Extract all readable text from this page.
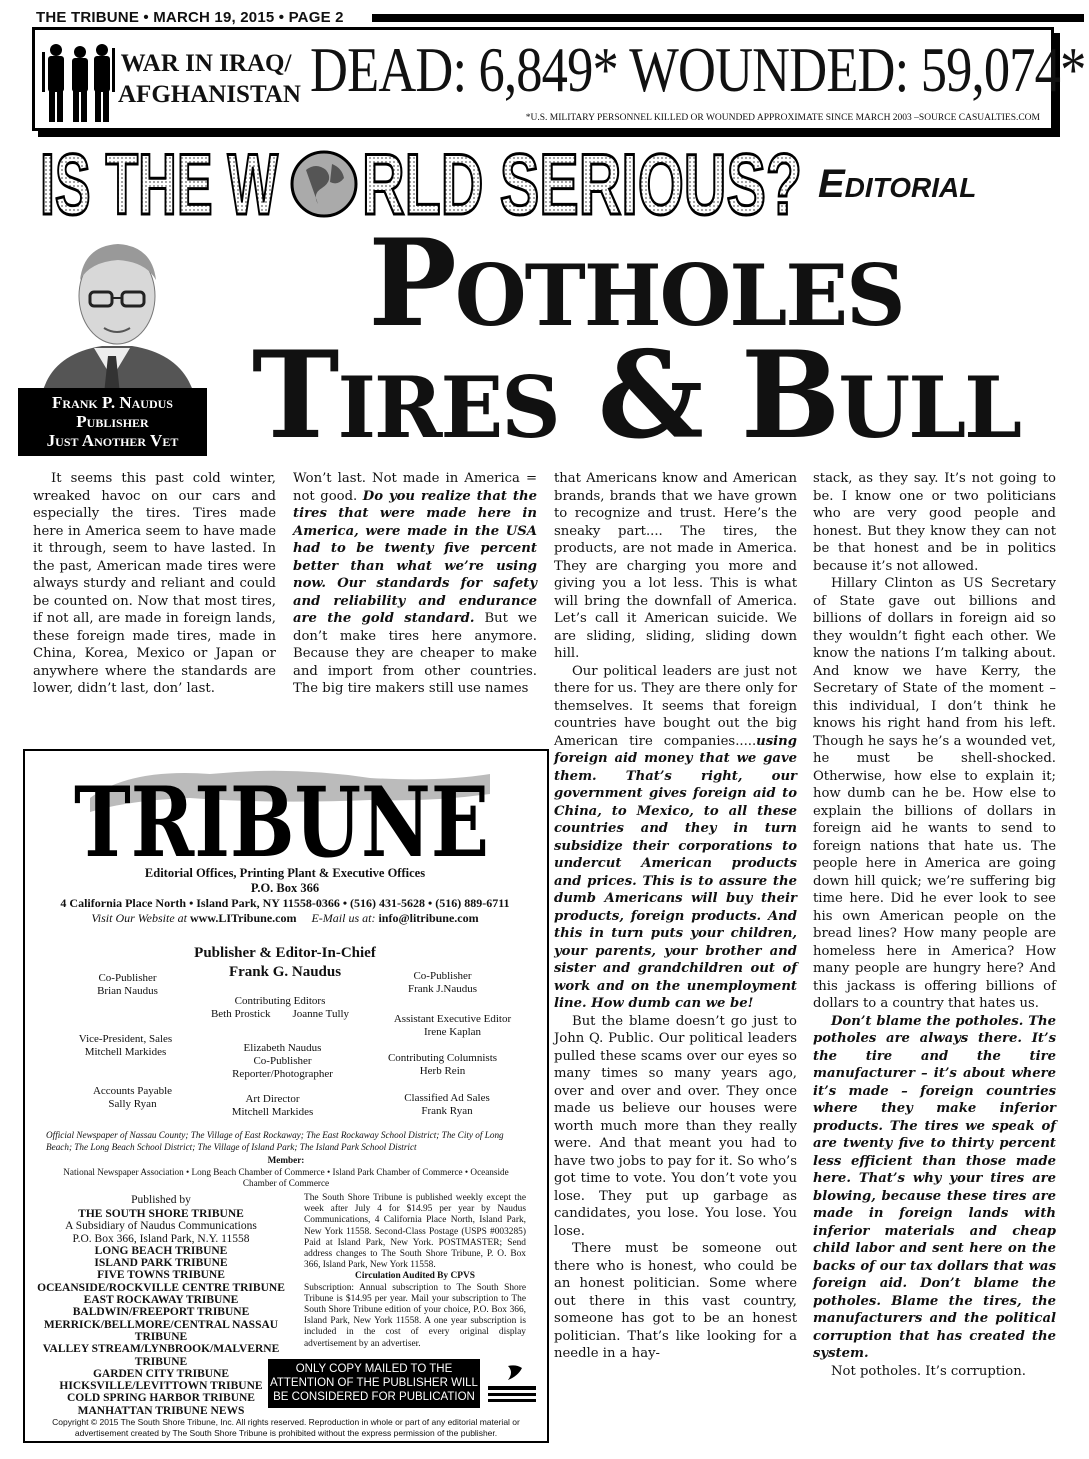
THE TRIBUNE • MARCH 19, 2015 • PAGE 2
WAR IN IRAQ/
AFGHANISTAN DEAD: 6,849* WOUNDED: 59,074*
*U.S. MILITARY PERSONNEL KILLED OR WOUNDED APPROXIMATE SINCE MARCH 2003 –SOURCE CASUALTIES.COM
IS THE W RLD SERIOUS? Editorial
Frank P. Naudus
Publisher
Just Another Vet
Potholes
Tires & Bull

It seems this past cold winter, wreaked havoc on our cars and especially the tires. Tires made here in America seem to have made it through, seem to have lasted. In the past, American made tires were always sturdy and reliant and could be counted on. Now that most tires, if not all, are made in foreign lands, these foreign made tires, made in China, Korea, Mexico or Japan or anywhere where the standards are lower, didn’t last, don’ last.

Won’t last. Not made in America = not good. Do you realize that the tires that were made here in America, were made in the USA had to be twenty five percent better than what we’re using now. Our standards for safety and reliability and endurance are the gold standard. But we don’t make tires here anymore. Because they are cheaper to make and import from other countries. The big tire makers still use names

that Americans know and American brands, brands that we have grown to recognize and trust. Here’s the sneaky part.... The tires, the products, are not made in America. They are charging you more and giving you a lot less. This is what will bring the downfall of America. Let’s call it American suicide. We are sliding, sliding, sliding down hill.

Our political leaders are just not there for us. They are there only for themselves. It seems that foreign countries have bought out the big American tire companies.....using foreign aid money that we gave them. That’s right, our government gives foreign aid to China, to Mexico, to all these countries and they in turn subsidize their corporations to undercut American products and prices. This is to assure the dumb Americans will buy their products, foreign products. And this in turn puts your children, your parents, your brother and sister and grandchildren out of work and on the unemployment line. How dumb can we be!

But the blame doesn’t go just to John Q. Public. Our political leaders pulled these scams over our eyes so many times so many years ago, over and over and over. They once made us believe our houses were worth much more than they really were. And that meant you had to have two jobs to pay for it. So who’s got time to vote. You don’t vote you lose. They put up garbage as candidates, you lose. You lose. You lose.

There must be someone out there who is honest, who could be an honest politician. Some where out there in this vast country, someone has got to be an honest politician. That’s like looking for a needle in a hay-

stack, as they say. It’s not going to be. I know one or two politicians who are very good people and honest. But they know they can not be that honest and be in politics because it’s not allowed.

Hillary Clinton as US Secretary of State gave out billions and billions of dollars in foreign aid so they wouldn’t fight each other. We know the nations I’m talking about. And know we have Kerry, the Secretary of State of the moment – this individual, I don’t think he knows his right hand from his left. Though he says he’s a wounded vet, he must be shell-shocked. Otherwise, how else to explain it; how dumb can he be. How else to explain the billions of dollars in foreign aid he wants to send to foreign nations that hate us. The people here in America are going down hill quick; we’re suffering big time here. Did he ever look to see his own American people on the bread lines? How many people are homeless here in America? How many people are hungry here? And this jackass is offering billions of dollars to a country that hates us.

Don’t blame the potholes. The potholes are always there. It’s the tire and the tire manufacturer – it’s about where it’s made – foreign countries where they make inferior products. The tires we speak of are twenty five to thirty percent less efficient than those made here. That’s why your tires are blowing, because these tires are made in foreign lands with inferior materials and cheap child labor and sent here on the backs of our tax dollars that was foreign aid. Don’t blame the potholes. Blame the tires, the manufacturers and the political corruption that has created the system.

Not potholes. It’s corruption.

TRIBUNE
Editorial Offices, Printing Plant & Executive Offices
P.O. Box 366
4 California Place North • Island Park, NY 11558-0366 • (516) 431-5628 • (516) 889-6711
Visit Our Website at www.LITribune.com E-Mail us at: info@litribune.com
Publisher & Editor-In-Chief
Frank G. Naudus
Co-Publisher
Brian Naudus
Contributing Editors
Beth Prostick        Joanne Tully
Co-Publisher
Frank J.Naudus
Assistant Executive Editor
Irene Kaplan
Vice-President, Sales
Mitchell Markides	Elizabeth Naudus
Co-Publisher
Reporter/Photographer
Contributing Columnists
Herb Rein
Accounts Payable
Sally Ryan	Art Director
Mitchell Markides
Classified Ad Sales
Frank Ryan
Official Newspaper of Nassau County; The Village of East Rockaway; The East Rockaway School District; The City of Long Beach; The Long Beach School District; The Village of Island Park; The Island Park School District
Member:
National Newspaper Association • Long Beach Chamber of Commerce • Island Park Chamber of Commerce • Oceanside Chamber of Commerce
Published by
THE SOUTH SHORE TRIBUNE
A Subsidiary of Naudus Communications
P.O. Box 366, Island Park, N.Y. 11558
LONG BEACH TRIBUNE
ISLAND PARK TRIBUNE
FIVE TOWNS TRIBUNE
OCEANSIDE/ROCKVILLE CENTRE TRIBUNE
EAST ROCKAWAY TRIBUNE
BALDWIN/FREEPORT TRIBUNE
MERRICK/BELLMORE/CENTRAL NASSAU TRIBUNE
VALLEY STREAM/LYNBROOK/MALVERNE TRIBUNE
GARDEN CITY TRIBUNE
HICKSVILLE/LEVITTOWN TRIBUNE
COLD SPRING HARBOR TRIBUNE
MANHATTAN TRIBUNE NEWS
The South Shore Tribune is published weekly except the week after July 4 for $14.95 per year by Naudus Communications, 4 California Place North, Island Park, New York 11558. Second-Class Postage (USPS #003285) Paid at Island Park, New York. POSTMASTER; Send address changes to The South Shore Tribune, P. O. Box 366, Island Park, New York 11558.
Circulation Audited By CPVS
Subscription: Annual subscription to The South Shore Tribune is $14.95 per year. Mail your subscription to The South Shore Tribune edition of your choice, P.O. Box 366, Island Park, New York 11558. A one year subscription is included in the cost of every original display advertisement by an advertiser.
ONLY COPY MAILED TO THE ATTENTION OF THE PUBLISHER WILL BE CONSIDERED FOR PUBLICATION
Copyright © 2015 The South Shore Tribune, Inc. All rights reserved. Reproduction in whole or part of any editorial material or advertisement created by The South Shore Tribune is prohibited without the express permission of the publisher.
